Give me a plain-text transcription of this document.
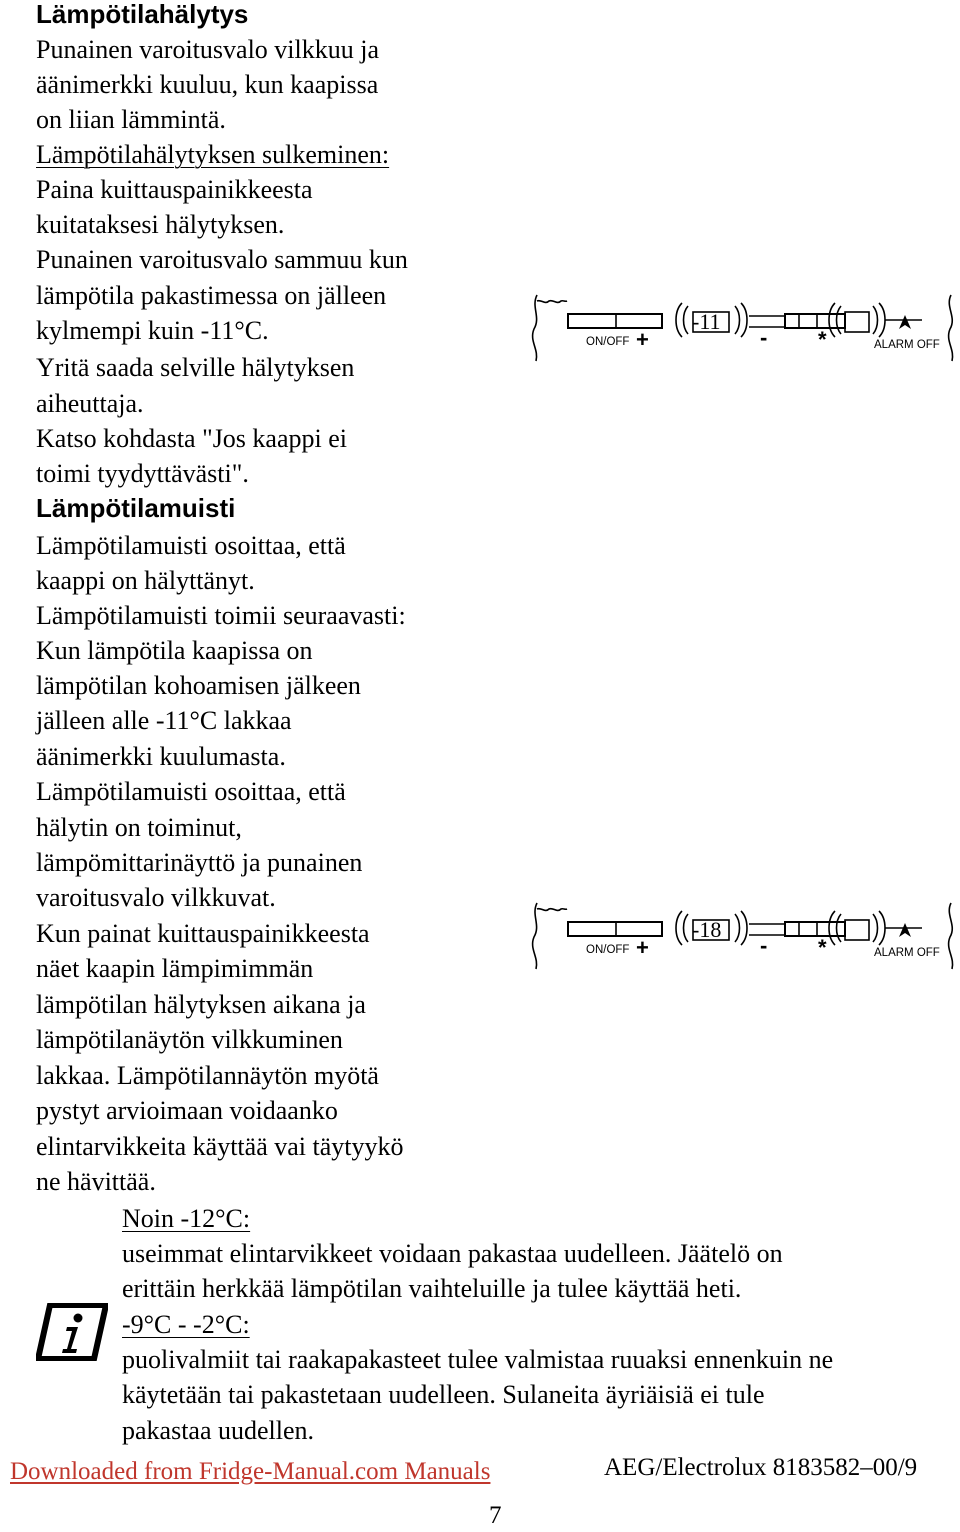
Lämpötilahälytys
Punainen varoitusvalo vilkkuu ja
äänimerkki kuuluu, kun kaapissa
on liian lämmintä.
Lämpötilahälytyksen sulkeminen:
Paina kuittauspainikkeesta
kuitataksesi hälytyksen.
Punainen varoitusvalo sammuu kun
lämpötila pakastimessa on jälleen
kylmempi kuin -11°C.
Yritä saada selville hälytyksen
aiheuttaja.
Katso kohdasta "Jos kaappi ei
toimi tyydyttävästi".
Lämpötilamuisti
Lämpötilamuisti osoittaa, että
kaappi on hälyttänyt.
Lämpötilamuisti toimii seuraavasti:
Kun lämpötila kaapissa on
lämpötilan kohoamisen jälkeen
jälleen alle -11°C lakkaa
äänimerkki kuulumasta.
Lämpötilamuisti osoittaa, että
hälytin on toiminut,
lämpömittarinäyttö ja punainen
varoitusvalo vilkkuvat.
Kun painat kuittauspainikkeesta
näet kaapin lämpimimmän
lämpötilan hälytyksen aikana ja
lämpötilanäytön vilkkuminen
lakkaa. Lämpötilannäytön myötä
pystyt arvioimaan voidaanko
elintarvikkeita käyttää vai täytyykö
ne hävittää.
ON/OFF +
-11
- *	ALARM OFF
ON/OFF +
-18
- *	ALARM OFF
Noin -12°C:
useimmat elintarvikkeet voidaan pakastaa uudelleen. Jäätelö on
erittäin herkkää lämpötilan vaihteluille ja tulee käyttää heti.
-9°C - -2°C:
puolivalmiit tai raakapakasteet tulee valmistaa ruuaksi ennenkuin ne
käytetään tai pakastetaan uudelleen. Sulaneita äyriäisiä ei tule
pakastaa uudellen.
Downloaded from Fridge-Manual.com Manuals	AEG/Electrolux 8183582–00/9
7
